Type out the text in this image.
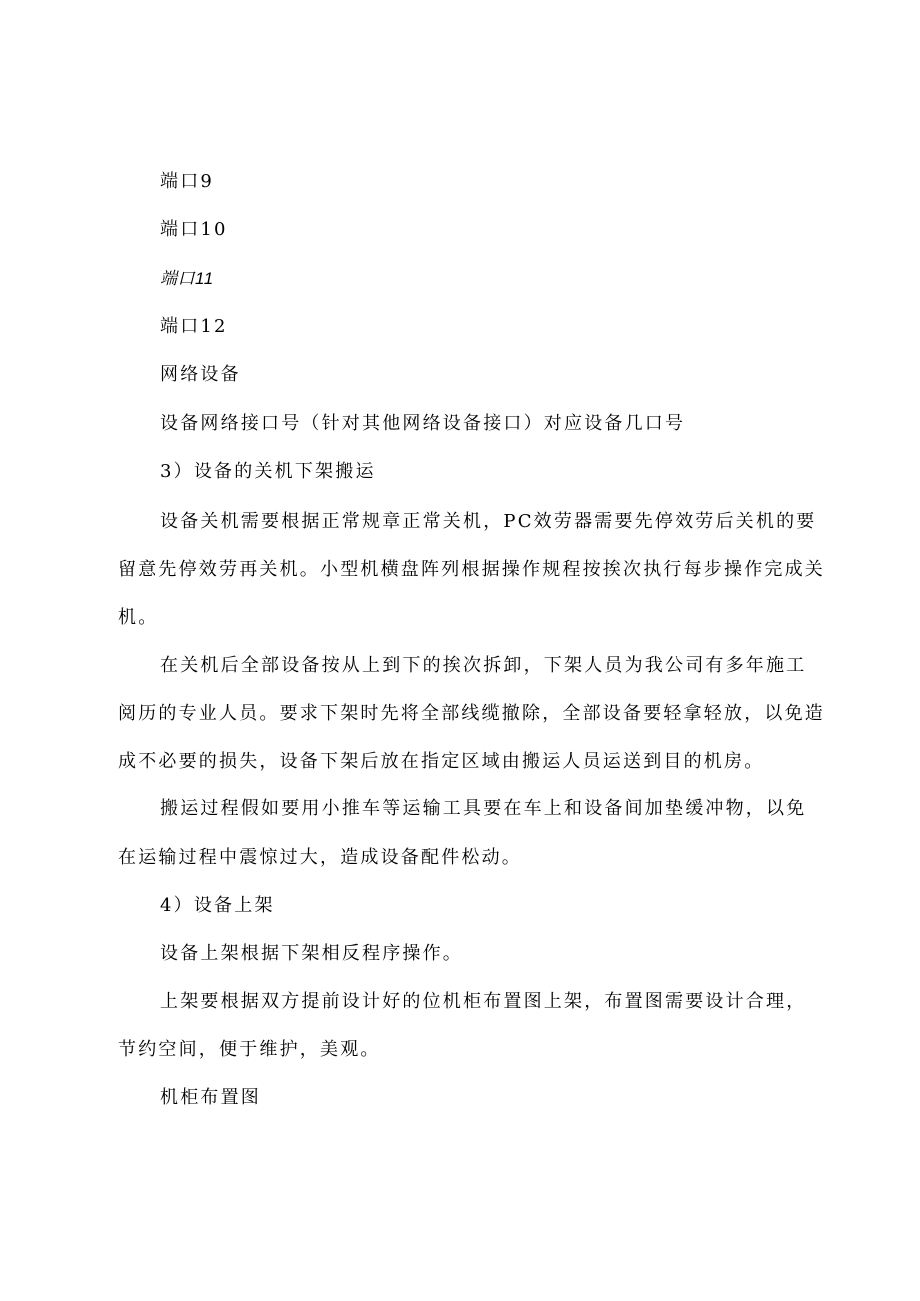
端口9
端口10
端口11
端口12
网络设备
设备网络接口号（针对其他网络设备接口）对应设备几口号
3）设备的关机下架搬运
设备关机需要根据正常规章正常关机，PC效劳器需要先停效劳后关机的要
留意先停效劳再关机。小型机横盘阵列根据操作规程按挨次执行每步操作完成关
机。
在关机后全部设备按从上到下的挨次拆卸，下架人员为我公司有多年施工
阅历的专业人员。要求下架时先将全部线缆撤除，全部设备要轻拿轻放，以免造
成不必要的损失，设备下架后放在指定区域由搬运人员运送到目的机房。
搬运过程假如要用小推车等运输工具要在车上和设备间加垫缓冲物，以免
在运输过程中震惊过大，造成设备配件松动。
4）设备上架
设备上架根据下架相反程序操作。
上架要根据双方提前设计好的位机柜布置图上架，布置图需要设计合理，
节约空间，便于维护，美观。
机柜布置图
